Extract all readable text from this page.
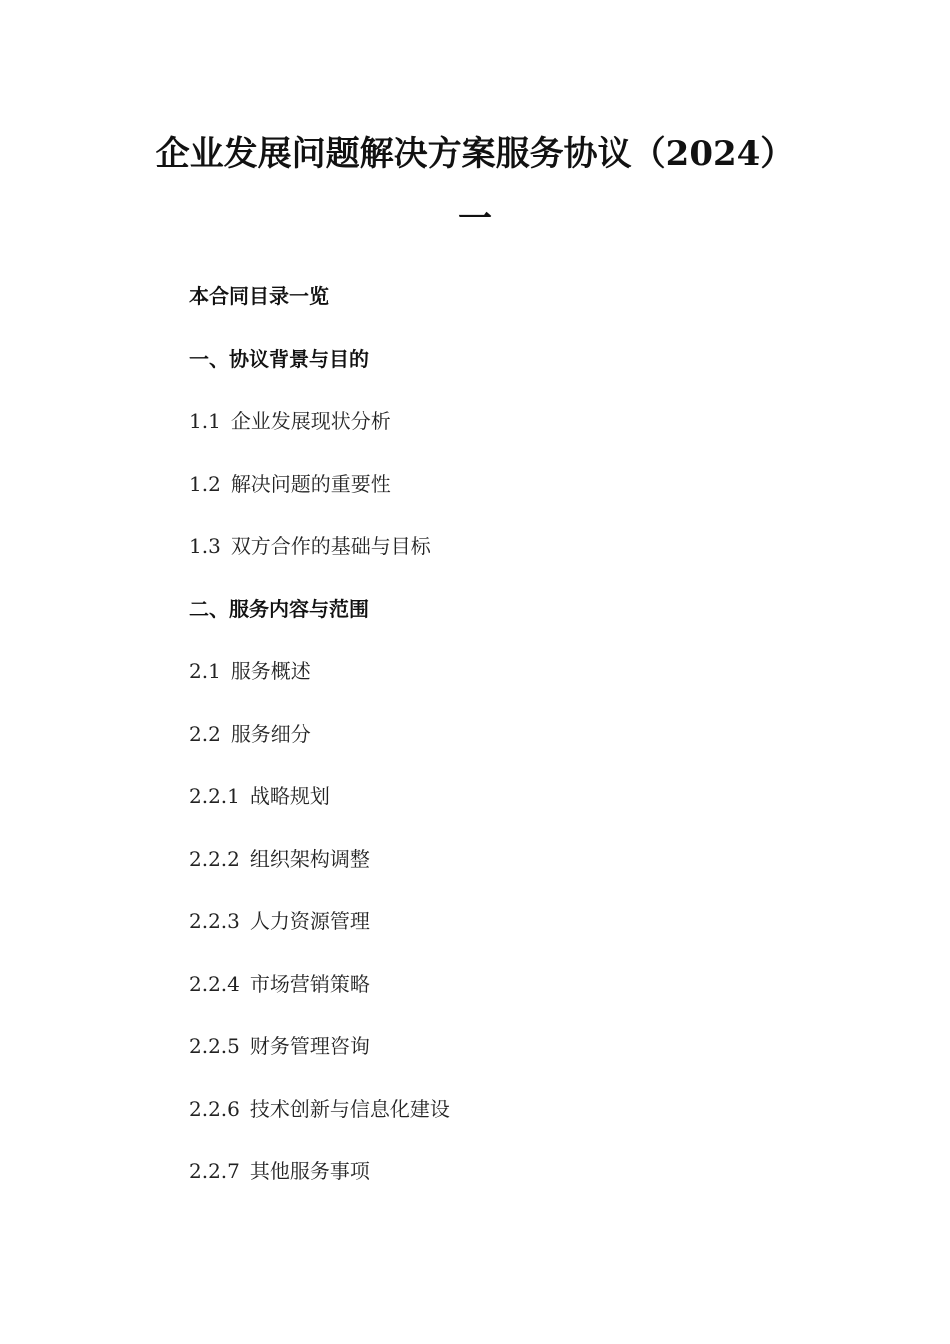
企业发展问题解决方案服务协议（2024）
一
本合同目录一览
一、协议背景与目的
1.1 企业发展现状分析
1.2 解决问题的重要性
1.3 双方合作的基础与目标
二、服务内容与范围
2.1 服务概述
2.2 服务细分
2.2.1 战略规划
2.2.2 组织架构调整
2.2.3 人力资源管理
2.2.4 市场营销策略
2.2.5 财务管理咨询
2.2.6 技术创新与信息化建设
2.2.7 其他服务事项
